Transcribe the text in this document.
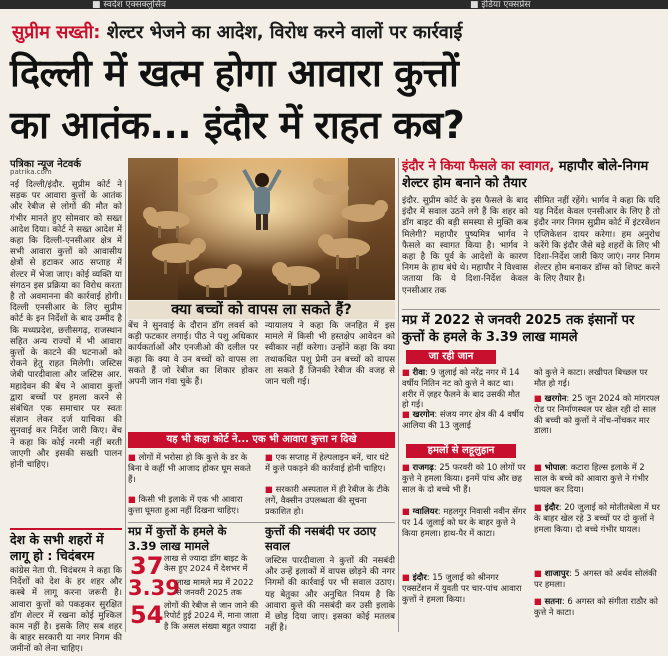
■ स्वदेश एक्सक्लुसिव	■ इंडिया एक्सप्रेस
सुप्रीम सख्ती: शेल्टर भेजने का आदेश, विरोध करने वालों पर कार्रवाई
दिल्ली में खत्म होगा आवारा कुत्तों
का आतंक... इंदौर में राहत कब?
पत्रिका न्यूज नेटवर्क
patrika.com
नई दिल्ली/इंदौर. सुप्रीम कोर्ट ने सड़क पर आवारा कुत्तों के आतंक और रेबीज से लोगों की मौत को गंभीर मानते हुए सोमवार को सख्त आदेश दिया। कोर्ट ने सख्त आदेश में कहा कि दिल्ली-एनसीआर क्षेत्र में सभी आवारा कुत्तों को आवासीय क्षेत्रों से हटाकर आठ सप्ताह में शेल्टर में भेजा जाए। कोई व्यक्ति या संगठन इस प्रक्रिया का विरोध करता है तो अवमानना की कार्रवाई होगी। दिल्ली एनसीआर के लिए सुप्रीम कोर्ट के इन निर्देशों के बाद उम्मीद है कि मध्यप्रदेश, छत्तीसगढ़, राजस्थान सहित अन्य राज्यों में भी आवारा कुत्तों के काटने की घटनाओं को रोकने हेतु राहत मिलेगी। जस्टिस जेबी पारदीवाला और जस्टिस आर. महादेवन की बेंच ने आवारा कुत्तों द्वारा बच्चों पर हमला करने से संबंधित एक समाचार पर स्वतः संज्ञान लेकर दर्ज याचिका की सुनवाई कर निर्देश जारी किए। बेंच ने कहा कि कोई नरमी नहीं बरती जाएगी और इसकी सख्ती पालन होनी चाहिए।
देश के सभी शहरों में लागू हो : चिदंबरम
कांग्रेस नेता पी. चिदंबरम ने कहा कि निर्देशों को देश के हर शहर और कस्बे में लागू करना जरूरी है। आवारा कुत्तों को पकड़कर सुरक्षित डॉग शेल्टर में रखना कोई मुश्किल काम नहीं है। इसके लिए सब शहर के बाहर सरकारी या नगर निगम की जमीनों को लेना चाहिए।
क्या बच्चों को वापस ला सकते हैं?
बेंच ने सुनवाई के दौरान डॉग लवर्स को कड़ी फटकार लगाई। पीठ ने पशु अधिकार कार्यकर्ताओं और एनजीओ की दलील पर कहा कि क्या वे उन बच्चों को वापस ला सकते हैं जो रेबीज का शिकार होकर अपनी जान गंवा चुके हैं।
न्यायालय ने कहा कि जनहित में इस मामले में किसी भी हस्तक्षेप आवेदन को स्वीकार नहीं करेगा। उन्होंने कहा कि क्या तथाकथित पशु प्रेमी उन बच्चों को वापस ला सकते हैं जिनकी रेबीज की वजह से जान चली गई।
यह भी कहा कोर्ट ने... एक भी आवारा कुत्ता न दिखे
■ लोगों में भरोसा हो कि कुत्ते के डर के बिना वे कहीं भी आजाद होकर घूम सकते हैं।
■ किसी भी इलाके में एक भी आवारा कुत्ता घूमता हुआ नहीं दिखना चाहिए।
■ एक सप्ताह में हेल्पलाइन बनें, चार घंटे में कुत्ते पकड़ने की कार्रवाई होनी चाहिए।
■ सरकारी अस्पताल में ही रेबीज के टीके लगें, वैक्सीन उपलब्धता की सूचना प्रकाशित हो।
मप्र में कुत्तों के हमले के 3.39 लाख मामले
37 लाख से ज्यादा डॉग बाइट के केस हुए 2024 में देशभर में
3.39
लाख मामले मप्र में 2022 से जनवरी 2025 तक
54 लोगों की रेबीज से जान जाने की रिपोर्ट हुई 2024 में, माना जाता है कि असल संख्या बहुत ज्यादा
कुत्तों की नसबंदी पर उठाए सवाल
जस्टिस पारदीवाला ने कुत्तों की नसबंदी और उन्हें इलाकों में वापस छोड़ने की नगर निगमों की कार्रवाई पर भी सवाल उठाए। यह बेतुका और अनुचित नियम है कि आवारा कुत्ते की नसबंदी कर उसी इलाके में छोड़ दिया जाए। इसका कोई मतलब नहीं है।
इंदौर ने किया फैसले का स्वागत, महापौर बोले-निगम शेल्टर होम बनाने को तैयार
इंदौर. सुप्रीम कोर्ट के इस फैसले के बाद इंदौर में सवाल उठने लगे हैं कि शहर को डॉग बाइट की बड़ी समस्या से मुक्ति कब मिलेगी? महापौर पुष्यमित्र भार्गव ने फैसले का स्वागत किया है। भार्गव ने कहा है कि पूर्व के आदेशों के कारण निगम के हाथ बंधे थे। महापौर ने विश्वास जताया कि ये दिशा-निर्देश केवल एनसीआर तक
सीमित नहीं रहेंगे। भार्गव ने कहा कि यदि यह निर्देश केवल एनसीआर के लिए है तो इंदौर नगर निगम सुप्रीम कोर्ट में इंटरवेंशन एप्लिकेशन दायर करेगा। हम अनुरोध करेंगे कि इंदौर जैसे बड़े शहरों के लिए भी दिशा-निर्देश जारी किए जाएं। नगर निगम शेल्टर होम बनाकर डॉग्स को शिफ्ट करने के लिए तैयार है।
मप्र में 2022 से जनवरी 2025 तक इंसानों पर कुत्तों के हमले के 3.39 लाख मामले
जा रही जान
■ रीवा: 9 जुलाई को नरेंद्र नगर में 14 वर्षीय नितिन नट को कुत्ते ने काट था। शरीर में ज़हर फैलने के बाद उसकी मौत हो गई।
■ खरगोन: संजय नगर क्षेत्र की 4 वर्षीय आलिया की 13 जुलाई
को कुत्ते ने काटा। लखीपत बिच्छल पर मौत हो गई।
■ खरगोन: 25 जून 2024 को मांगरपल रोड पर निर्माणस्थल पर खेल रही दो साल की बच्ची को कुत्तों ने नोंच-नोंचकर मार डाला।
हमलों से लहूलुहान
■ राजगढ़: 25 फरवरी को 10 लोगों पर कुत्ते ने हमला किया। इनमें पांच और छह साल के दो बच्चे भी हैं।
■ ग्वालियर: महलगुर निवासी नवीन सेंगर पर 14 जुलाई को घर के बाहर कुत्ते ने किया हमला। हाथ-पैर में काटा।
■ इंदौर: 15 जुलाई को श्रीनगर एक्सटेंशन में युवती पर चार-पांच आवारा कुत्तों ने हमला किया।
■ भोपाल: कटारा हिल्स इलाके में 2 साल के बच्चे को आवारा कुत्ते ने गंभीर घायल कर दिया।
■ इंदौर: 20 जुलाई को मोतीतबेला में घर के बाहर खेल रहे 3 बच्चों पर दो कुत्तों ने हमला किया। दो बच्चे गंभीर घायल।
■ शाजापुर: 5 अगस्त को अर्थव सोलंकी पर हमला।
■ सतना: 6 अगस्त को संगीता राठौर को कुत्ते ने काटा।
